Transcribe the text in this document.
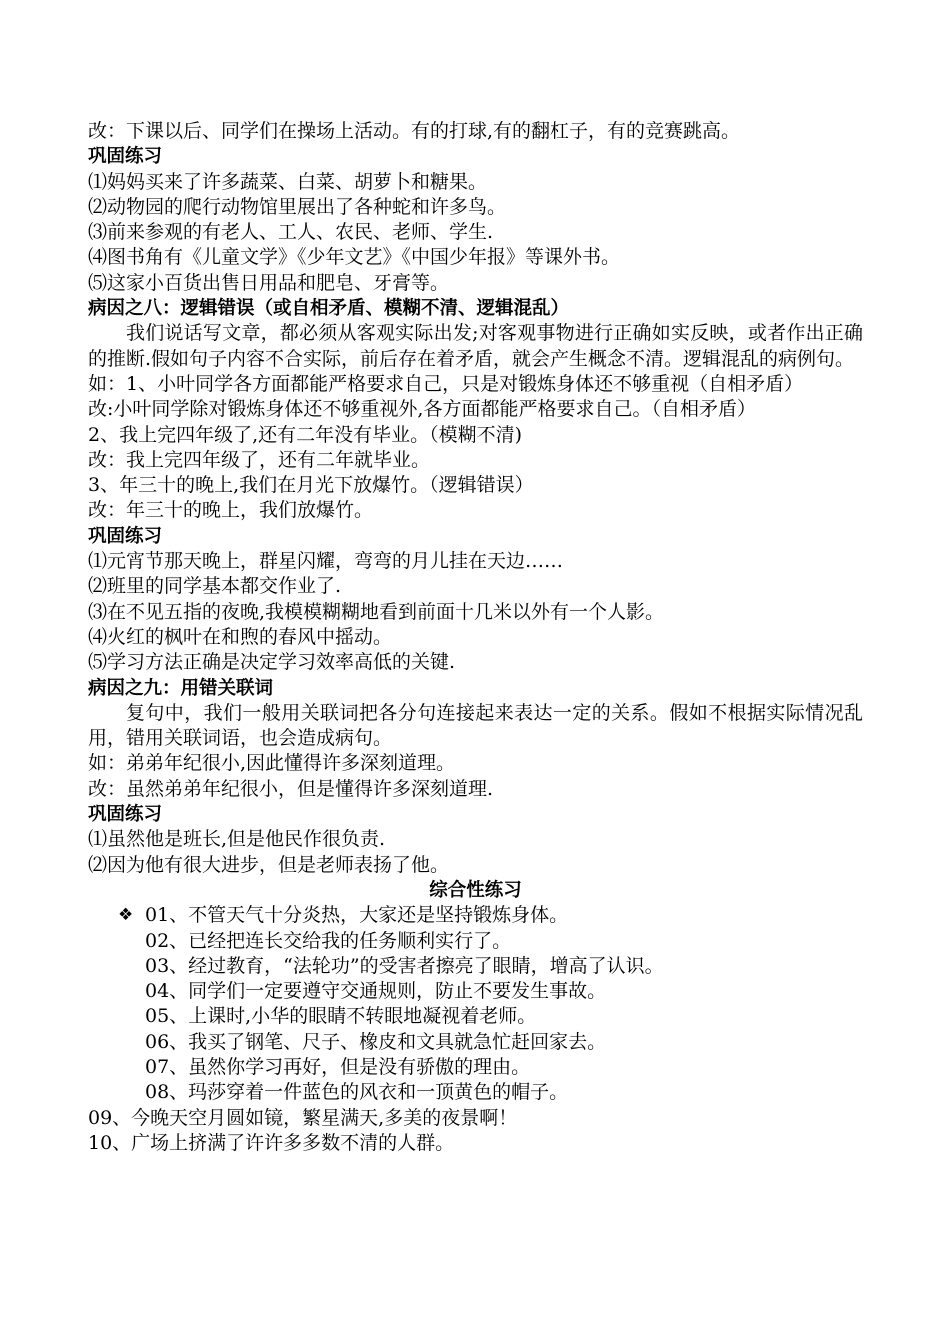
改：下课以后、同学们在操场上活动。有的打球,有的翻杠子，有的竞赛跳高。

巩固练习

⑴妈妈买来了许多蔬菜、白菜、胡萝卜和糖果。

⑵动物园的爬行动物馆里展出了各种蛇和许多鸟。

⑶前来参观的有老人、工人、农民、老师、学生.

⑷图书角有《儿童文学》《少年文艺》《中国少年报》等课外书。

⑸这家小百货出售日用品和肥皂、牙膏等。

病因之八：逻辑错误（或自相矛盾、模糊不清、逻辑混乱）

我们说话写文章，都必须从客观实际出发;对客观事物进行正确如实反映，或者作出正确的推断.假如句子内容不合实际，前后存在着矛盾，就会产生概念不清。逻辑混乱的病例句。

如：1、小叶同学各方面都能严格要求自己，只是对锻炼身体还不够重视（自相矛盾）

改:小叶同学除对锻炼身体还不够重视外,各方面都能严格要求自己。（自相矛盾）

2、我上完四年级了,还有二年没有毕业。（模糊不清)

改：我上完四年级了，还有二年就毕业。

3、年三十的晚上,我们在月光下放爆竹。（逻辑错误）

改：年三十的晚上，我们放爆竹。

巩固练习

⑴元宵节那天晚上，群星闪耀，弯弯的月儿挂在天边……

⑵班里的同学基本都交作业了.

⑶在不见五指的夜晚,我模模糊糊地看到前面十几米以外有一个人影。

⑷火红的枫叶在和煦的春风中摇动。

⑸学习方法正确是决定学习效率高低的关键.

病因之九：用错关联词

复句中，我们一般用关联词把各分句连接起来表达一定的关系。假如不根据实际情况乱用，错用关联词语，也会造成病句。

如：弟弟年纪很小,因此懂得许多深刻道理。

改：虽然弟弟年纪很小，但是懂得许多深刻道理.

巩固练习

⑴虽然他是班长,但是他民作很负责.

⑵因为他有很大进步，但是老师表扬了他。

综合性练习

❖ 01、不管天气十分炎热，大家还是坚持锻炼身体。
02、已经把连长交给我的任务顺利实行了。
03、经过教育，“法轮功”的受害者擦亮了眼睛，增高了认识。
04、同学们一定要遵守交通规则，防止不要发生事故。
05、上课时,小华的眼睛不转眼地凝视着老师。
06、我买了钢笔、尺子、橡皮和文具就急忙赶回家去。
07、虽然你学习再好，但是没有骄傲的理由。
08、玛莎穿着一件蓝色的风衣和一顶黄色的帽子。

09、今晚天空月圆如镜，繁星满天,多美的夜景啊！

10、广场上挤满了许许多多数不清的人群。
